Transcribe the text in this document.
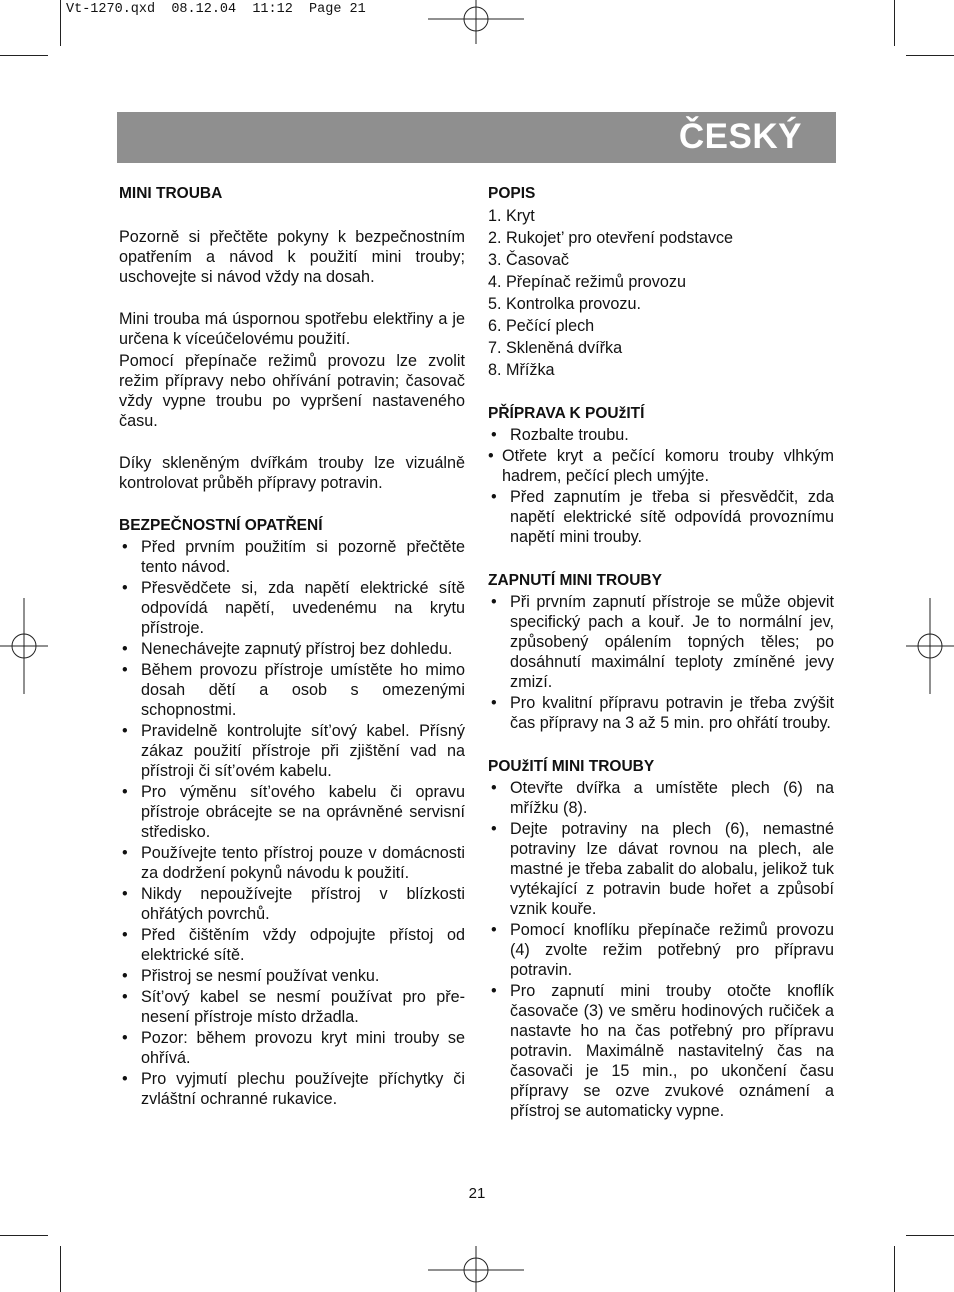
Vt-1270.qxd  08.12.04  11:12  Page 21
ČESKÝ

MINI TROUBA

Pozorně si přečtěte pokyny k bezpečnostním opatřením a návod k použití mini trouby; uschovejte si návod vždy na dosah.

Mini trouba má úspornou spotřebu elektřiny a je určena k víceúčelovému použití.

Pomocí přepínače režimů provozu lze zvolit režim přípravy nebo ohřívání potravin; časovač vždy vypne troubu po vypršení nastaveného času.

Díky skleněným dvířkám trouby lze vizuálně kontrolovat průběh přípravy potravin.

BEZPEČNOSTNÍ OPATŘENÍ

• Před prvním použitím si pozorně přečtěte tento návod.
• Přesvědčete si, zda napětí elektrické sítě odpovídá napětí, uvedenému na krytu přístroje.
• Nenechávejte zapnutý přístroj bez dohledu.
• Během provozu přístroje umístěte ho mimo dosah dětí a osob s omezenými schopnostmi.
• Pravidelně kontrolujte sít’ový kabel. Přísný zákaz použití přístroje při zjištění vad na přístroji či sít’ovém kabelu.
• Pro výměnu sít’ového kabelu či opravu přístroje obrácejte se na oprávněné servisní středisko.
• Používejte tento přístroj pouze v domácnosti za dodržení pokynů návodu k použití.
• Nikdy nepoužívejte přístroj v blízkosti ohřátých povrchů.
• Před čištěním vždy odpojujte přístoj od elektrické sítě.
• Přistroj se nesmí používat venku.
• Sít’ový kabel se nesmí používat pro přenesení přístroje místo držadla.
• Pozor: během provozu kryt mini trouby se ohřívá.
• Pro vyjmutí plechu používejte příchytky či zvláštní ochranné rukavice.

POPIS

1. Kryt
2. Rukojet’ pro otevření podstavce
3. Časovač
4. Přepínač režimů provozu
5. Kontrolka provozu.
6. Pečící plech
7. Skleněná dvířka
8. Mřížka

PŘÍPRAVA K POUžITÍ

• Rozbalte troubu.
• Otřete kryt a pečící komoru trouby vlhkým hadrem, pečící plech umýjte.
• Před zapnutím je třeba si přesvědčit, zda napětí elektrické sítě odpovídá provoznímu napětí mini trouby.

ZAPNUTÍ MINI TROUBY

• Při prvním zapnutí přístroje se může objevit specifický pach a kouř. Je to normální jev, způsobený opálením topných těles; po dosáhnutí maximální teploty zmíněné jevy zmizí.
• Pro kvalitní přípravu potravin je třeba zvýšit čas přípravy na 3 až 5 min. pro ohřátí trouby.

POUžITÍ MINI TROUBY

• Otevřte dvířka a umístěte plech (6) na mřížku (8).
• Dejte potraviny na plech (6), nemastné potraviny lze dávat rovnou na plech, ale mastné je třeba zabalit do alobalu, jelikož tuk vytékající z potravin bude hořet a způsobí vznik kouře.
• Pomocí knoflíku přepínače režimů provozu (4) zvolte režim potřebný pro přípravu potravin.
• Pro zapnutí mini trouby otočte knoflík časovače (3) ve směru hodinových ručiček a nastavte ho na čas potřebný pro přípravu potravin. Maximálně nastavitelný čas na časovači je 15 min., po ukončení času přípravy se ozve zvukové oznámení a přístroj se automaticky vypne.
21
